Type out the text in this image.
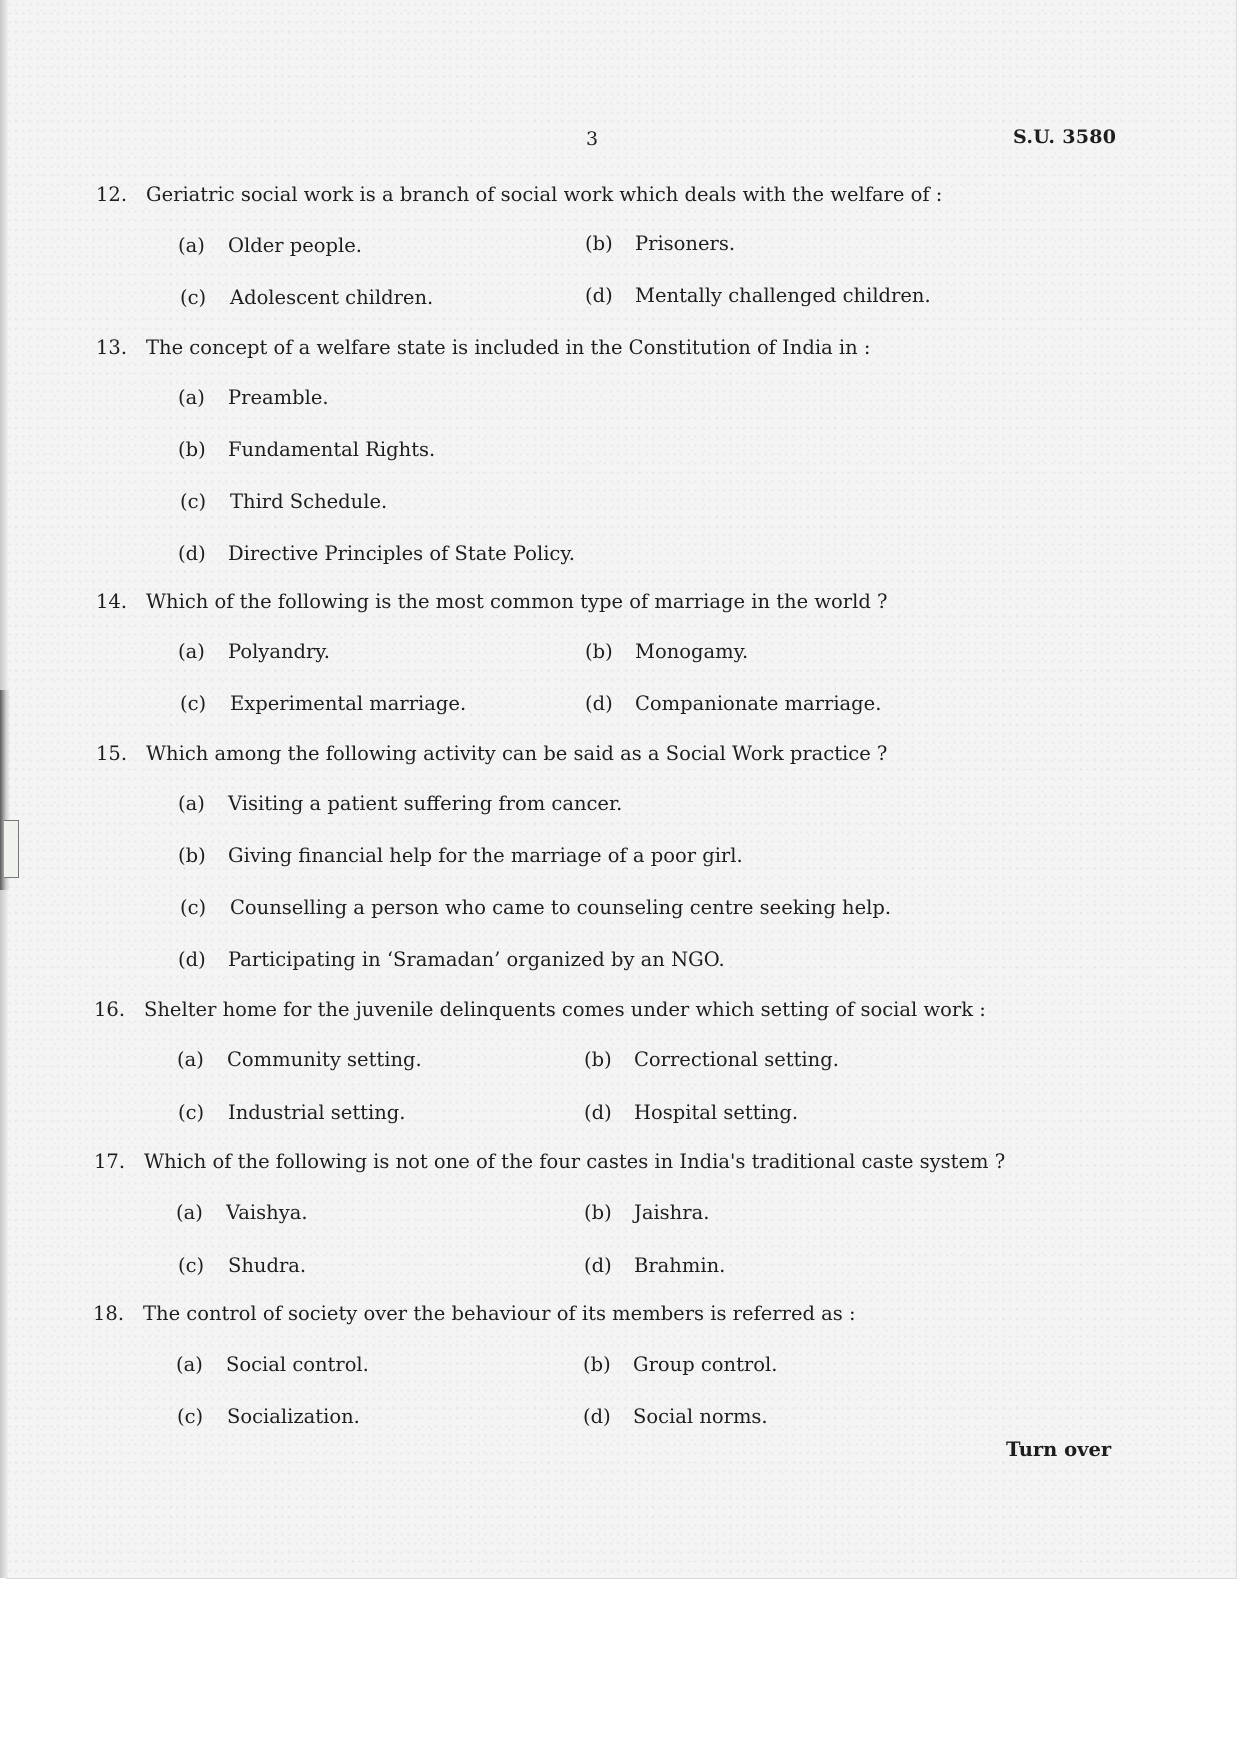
3	S.U. 3580
12. Geriatric social work is a branch of social work which deals with the welfare of :
(a) Older people.	(b) Prisoners.
(c) Adolescent children.	(d) Mentally challenged children.
13. The concept of a welfare state is included in the Constitution of India in :
(a) Preamble.
(b) Fundamental Rights.
(c) Third Schedule.
(d) Directive Principles of State Policy.
14. Which of the following is the most common type of marriage in the world ?
(a) Polyandry.	(b) Monogamy.
(c) Experimental marriage.	(d) Companionate marriage.
15. Which among the following activity can be said as a Social Work practice ?
(a) Visiting a patient suffering from cancer.
(b) Giving financial help for the marriage of a poor girl.
(c) Counselling a person who came to counseling centre seeking help.
(d) Participating in ‘Sramadan’ organized by an NGO.
16. Shelter home for the juvenile delinquents comes under which setting of social work :
(a) Community setting.	(b) Correctional setting.
(c) Industrial setting.	(d) Hospital setting.
17. Which of the following is not one of the four castes in India's traditional caste system ?
(a) Vaishya.	(b) Jaishra.
(c) Shudra.	(d) Brahmin.
18. The control of society over the behaviour of its members is referred as :
(a) Social control.	(b) Group control.
(c) Socialization.	(d) Social norms.
Turn over
